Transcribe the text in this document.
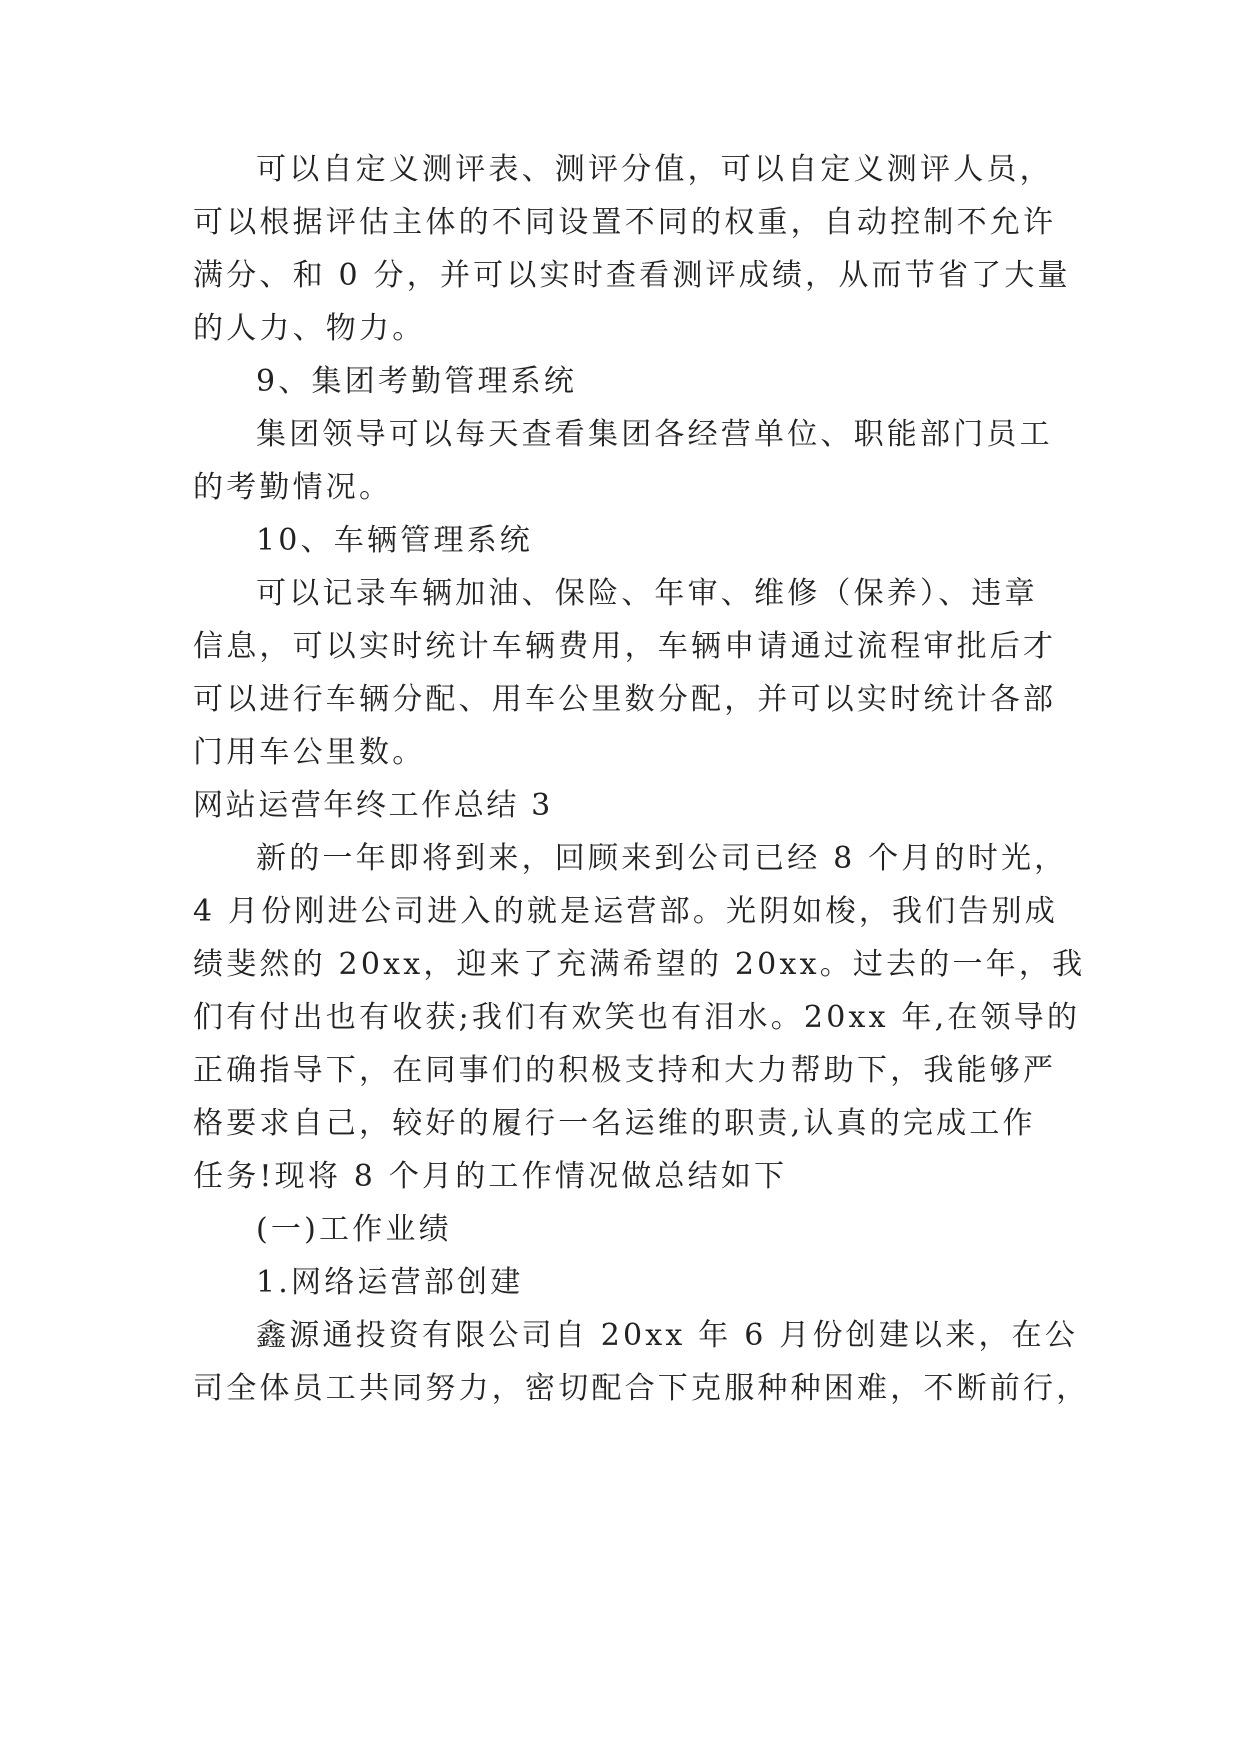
可以自定义测评表、测评分值，可以自定义测评人员，
可以根据评估主体的不同设置不同的权重，自动控制不允许
满分、和 0 分，并可以实时查看测评成绩，从而节省了大量
的人力、物力。
9、集团考勤管理系统
集团领导可以每天查看集团各经营单位、职能部门员工
的考勤情况。
10、车辆管理系统
可以记录车辆加油、保险、年审、维修（保养）、违章
信息，可以实时统计车辆费用，车辆申请通过流程审批后才
可以进行车辆分配、用车公里数分配，并可以实时统计各部
门用车公里数。
网站运营年终工作总结 3
新的一年即将到来，回顾来到公司已经 8 个月的时光，
4 月份刚进公司进入的就是运营部。光阴如梭，我们告别成
绩斐然的 20xx，迎来了充满希望的 20xx。过去的一年，我
们有付出也有收获;我们有欢笑也有泪水。20xx 年,在领导的
正确指导下，在同事们的积极支持和大力帮助下，我能够严
格要求自己，较好的履行一名运维的职责,认真的完成工作
任务!现将 8 个月的工作情况做总结如下
(一)工作业绩
1.网络运营部创建
鑫源通投资有限公司自 20xx 年 6 月份创建以来，在公
司全体员工共同努力，密切配合下克服种种困难，不断前行，
